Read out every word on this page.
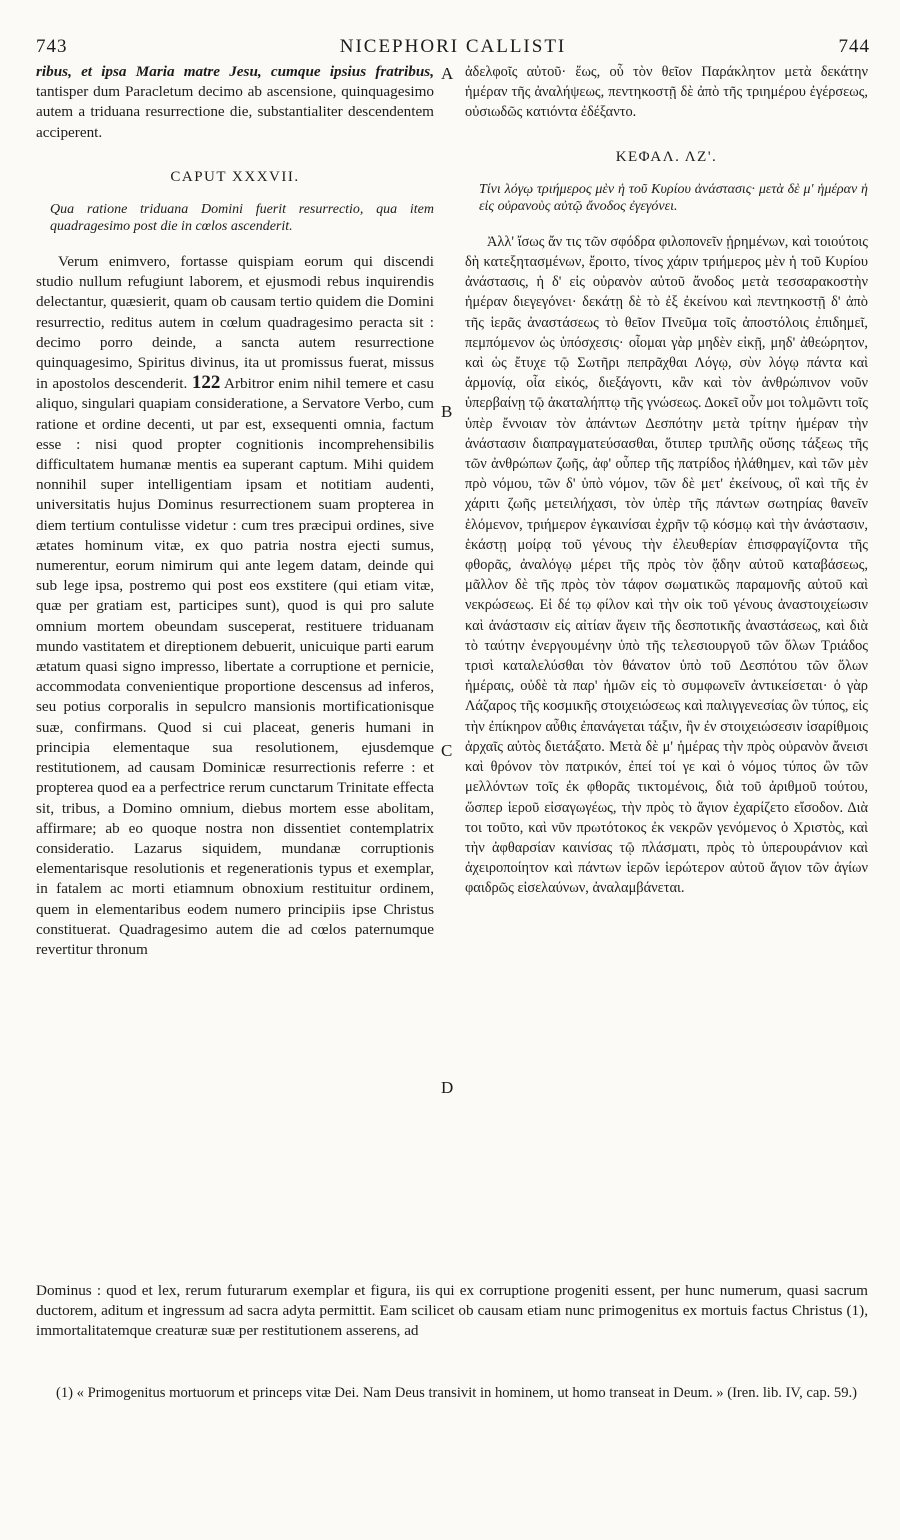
743	NICEPHORI CALLISTI	744

ribus, et ipsa Maria matre Jesu, cumque ipsius fratribus, tantisper dum Paracletum decimo ab ascensione, quinquagesimo autem a triduana resurrectione die, substantialiter descendentem acciperent.

CAPUT XXXVII.

Qua ratione triduana Domini fuerit resurrectio, qua item quadragesimo post die in cœlos ascenderit.

Verum enimvero, fortasse quispiam eorum qui discendi studio nullum refugiunt laborem, et ejusmodi rebus inquirendis delectantur, quæsierit, quam ob causam tertio quidem die Domini resurrectio, reditus autem in cœlum quadragesimo peracta sit : decimo porro deinde, a sancta autem resurrectione quinquagesimo, Spiritus divinus, ita ut promissus fuerat, missus in apostolos descenderit. 122 Arbitror enim nihil temere et casu aliquo, singulari quapiam consideratione, a Servatore Verbo, cum ratione et ordine decenti, ut par est, exsequenti omnia, factum esse : nisi quod propter cognitionis incomprehensibilis difficultatem humanæ mentis ea superant captum. Mihi quidem nonnihil super intelligentiam ipsam et notitiam audenti, universitatis hujus Dominus resurrectionem suam propterea in diem tertium contulisse videtur : cum tres præcipui ordines, sive ætates hominum vitæ, ex quo patria nostra ejecti sumus, numerentur, eorum nimirum qui ante legem datam, deinde qui sub lege ipsa, postremo qui post eos exstitere (qui etiam vitæ, quæ per gratiam est, participes sunt), quod is qui pro salute omnium mortem obeundam susceperat, restituere triduanam mundo vastitatem et direptionem debuerit, unicuique parti earum ætatum quasi signo impresso, libertate a corruptione et pernicie, accommodata convenientique proportione descensus ad inferos, seu potius corporalis in sepulcro mansionis mortificationisque suæ, confirmans. Quod si cui placeat, generis humani in principia elementaque sua resolutionem, ejusdemque restitutionem, ad causam Dominicæ resurrectionis referre : et propterea quod ea a perfectrice rerum cunctarum Trinitate effecta sit, tribus, a Domino omnium, diebus mortem esse abolitam, affirmare; ab eo quoque nostra non dissentiet contemplatrix consideratio. Lazarus siquidem, mundanæ corruptionis elementarisque resolutionis et regenerationis typus et exemplar, in fatalem ac morti etiamnum obnoxium restituitur ordinem, quem in elementaribus eodem numero principiis ipse Christus constituerat. Quadragesimo autem die ad cœlos paternumque revertitur thronum

A
B
C
D

ἀδελφοῖς αὐτοῦ· ἕως, οὗ τὸν θεῖον Παράκλητον μετὰ δεκάτην ἡμέραν τῆς ἀναλήψεως, πεντηκοστῇ δὲ ἀπὸ τῆς τριημέρου ἐγέρσεως, οὐσιωδῶς κατιόντα ἐδέξαντο.

ΚΕΦΑΛ. ΛΖ'.

Τίνι λόγῳ τριήμερος μὲν ἡ τοῦ Κυρίου ἀνάστασις· μετὰ δὲ μ' ἡμέραν ἡ εἰς οὐρανοὺς αὐτῷ ἄνοδος ἐγεγόνει.

Ἀλλ' ἴσως ἄν τις τῶν σφόδρα φιλοπονεῖν ᾑρημένων, καὶ τοιούτοις δὴ κατεξητασμένων, ἔροιτο, τίνος χάριν τριήμερος μὲν ἡ τοῦ Κυρίου ἀνάστασις, ἡ δ' εἰς οὐρανὸν αὐτοῦ ἄνοδος μετὰ τεσσαρακοστὴν ἡμέραν διεγεγόνει· δεκάτῃ δὲ τὸ ἐξ ἐκείνου καὶ πεντηκοστῇ δ' ἀπὸ τῆς ἱερᾶς ἀναστάσεως τὸ θεῖον Πνεῦμα τοῖς ἀποστόλοις ἐπιδημεῖ, πεμπόμενον ὡς ὑπόσχεσις· οἶομαι γὰρ μηδὲν εἰκῇ, μηδ' ἀθεώρητον, καὶ ὡς ἔτυχε τῷ Σωτῆρι πεπρᾶχθαι Λόγῳ, σὺν λόγῳ πάντα καὶ ἁρμονίᾳ, οἷα εἰκός, διεξάγοντι, κἂν καὶ τὸν ἀνθρώπινον νοῦν ὑπερβαίνῃ τῷ ἀκαταλήπτῳ τῆς γνώσεως. Δοκεῖ οὖν μοι τολμῶντι τοῖς ὑπὲρ ἔννοιαν τὸν ἁπάντων Δεσπότην μετὰ τρίτην ἡμέραν τὴν ἀνάστασιν διαπραγματεύσασθαι, ὅτιπερ τριπλῆς οὔσης τάξεως τῆς τῶν ἀνθρώπων ζωῆς, ἀφ' οὗπερ τῆς πατρίδος ἠλάθημεν, καὶ τῶν μὲν πρὸ νόμου, τῶν δ' ὑπὸ νόμον, τῶν δὲ μετ' ἐκείνους, οἳ καὶ τῆς ἐν χάριτι ζωῆς μετειλήχασι, τὸν ὑπὲρ τῆς πάντων σωτηρίας θανεῖν ἑλόμενον, τριήμερον ἐγκαινίσαι ἐχρῆν τῷ κόσμῳ καὶ τὴν ἀνάστασιν, ἑκάστῃ μοίρᾳ τοῦ γένους τὴν ἐλευθερίαν ἐπισφραγίζοντα τῆς φθορᾶς, ἀναλόγῳ μέρει τῆς πρὸς τὸν ᾅδην αὐτοῦ καταβάσεως, μᾶλλον δὲ τῆς πρὸς τὸν τάφον σωματικῶς παραμονῆς αὐτοῦ καὶ νεκρώσεως. Εἰ δέ τῳ φίλον καὶ τὴν οἰκ τοῦ γένους ἀναστοιχείωσιν καὶ ἀνάστασιν εἰς αἰτίαν ἄγειν τῆς δεσποτικῆς ἀναστάσεως, καὶ διὰ τὸ ταύτην ἐνεργουμένην ὑπὸ τῆς τελεσιουργοῦ τῶν ὅλων Τριάδος τρισὶ καταλελύσθαι τὸν θάνατον ὑπὸ τοῦ Δεσπότου τῶν ὅλων ἡμέραις, οὐδὲ τὰ παρ' ἡμῶν εἰς τὸ συμφωνεῖν ἀντικείσεται· ὁ γὰρ Λάζαρος τῆς κοσμικῆς στοιχειώσεως καὶ παλιγγενεσίας ὢν τύπος, εἰς τὴν ἐπίκηρον αὖθις ἐπανάγεται τάξιν, ἣν ἐν στοιχειώσεσιν ἰσαρίθμοις ἀρχαῖς αὐτὸς διετάξατο. Μετὰ δὲ μ' ἡμέρας τὴν πρὸς οὐρανὸν ἄνεισι καὶ θρόνον τὸν πατρικόν, ἐπεί τοί γε καὶ ὁ νόμος τύπος ὢν τῶν μελλόντων τοῖς ἐκ φθορᾶς τικτομένοις, διὰ τοῦ ἀριθμοῦ τούτου, ὥσπερ ἱεροῦ εἰσαγωγέως, τὴν πρὸς τὸ ἅγιον ἐχαρίζετο εἴσοδον. Διὰ τοι τοῦτο, καὶ νῦν πρωτότοκος ἐκ νεκρῶν γενόμενος ὁ Χριστὸς, καὶ τὴν ἀφθαρσίαν καινίσας τῷ πλάσματι, πρὸς τὸ ὑπερουράνιον καὶ ἀχειροποίητον καὶ πάντων ἱερῶν ἱερώτερον αὐτοῦ ἅγιον τῶν ἁγίων φαιδρῶς εἰσελαύνων, ἀναλαμβάνεται.

Dominus : quod et lex, rerum futurarum exemplar et figura, iis qui ex corruptione progeniti essent, per hunc numerum, quasi sacrum ductorem, aditum et ingressum ad sacra adyta permittit. Eam scilicet ob causam etiam nunc primogenitus ex mortuis factus Christus (1), immortalitatemque creaturæ suæ per restitutionem asserens, ad

(1) « Primogenitus mortuorum et princeps vitæ Dei. Nam Deus transivit in hominem, ut homo transeat in Deum. » (Iren. lib. IV, cap. 59.)
